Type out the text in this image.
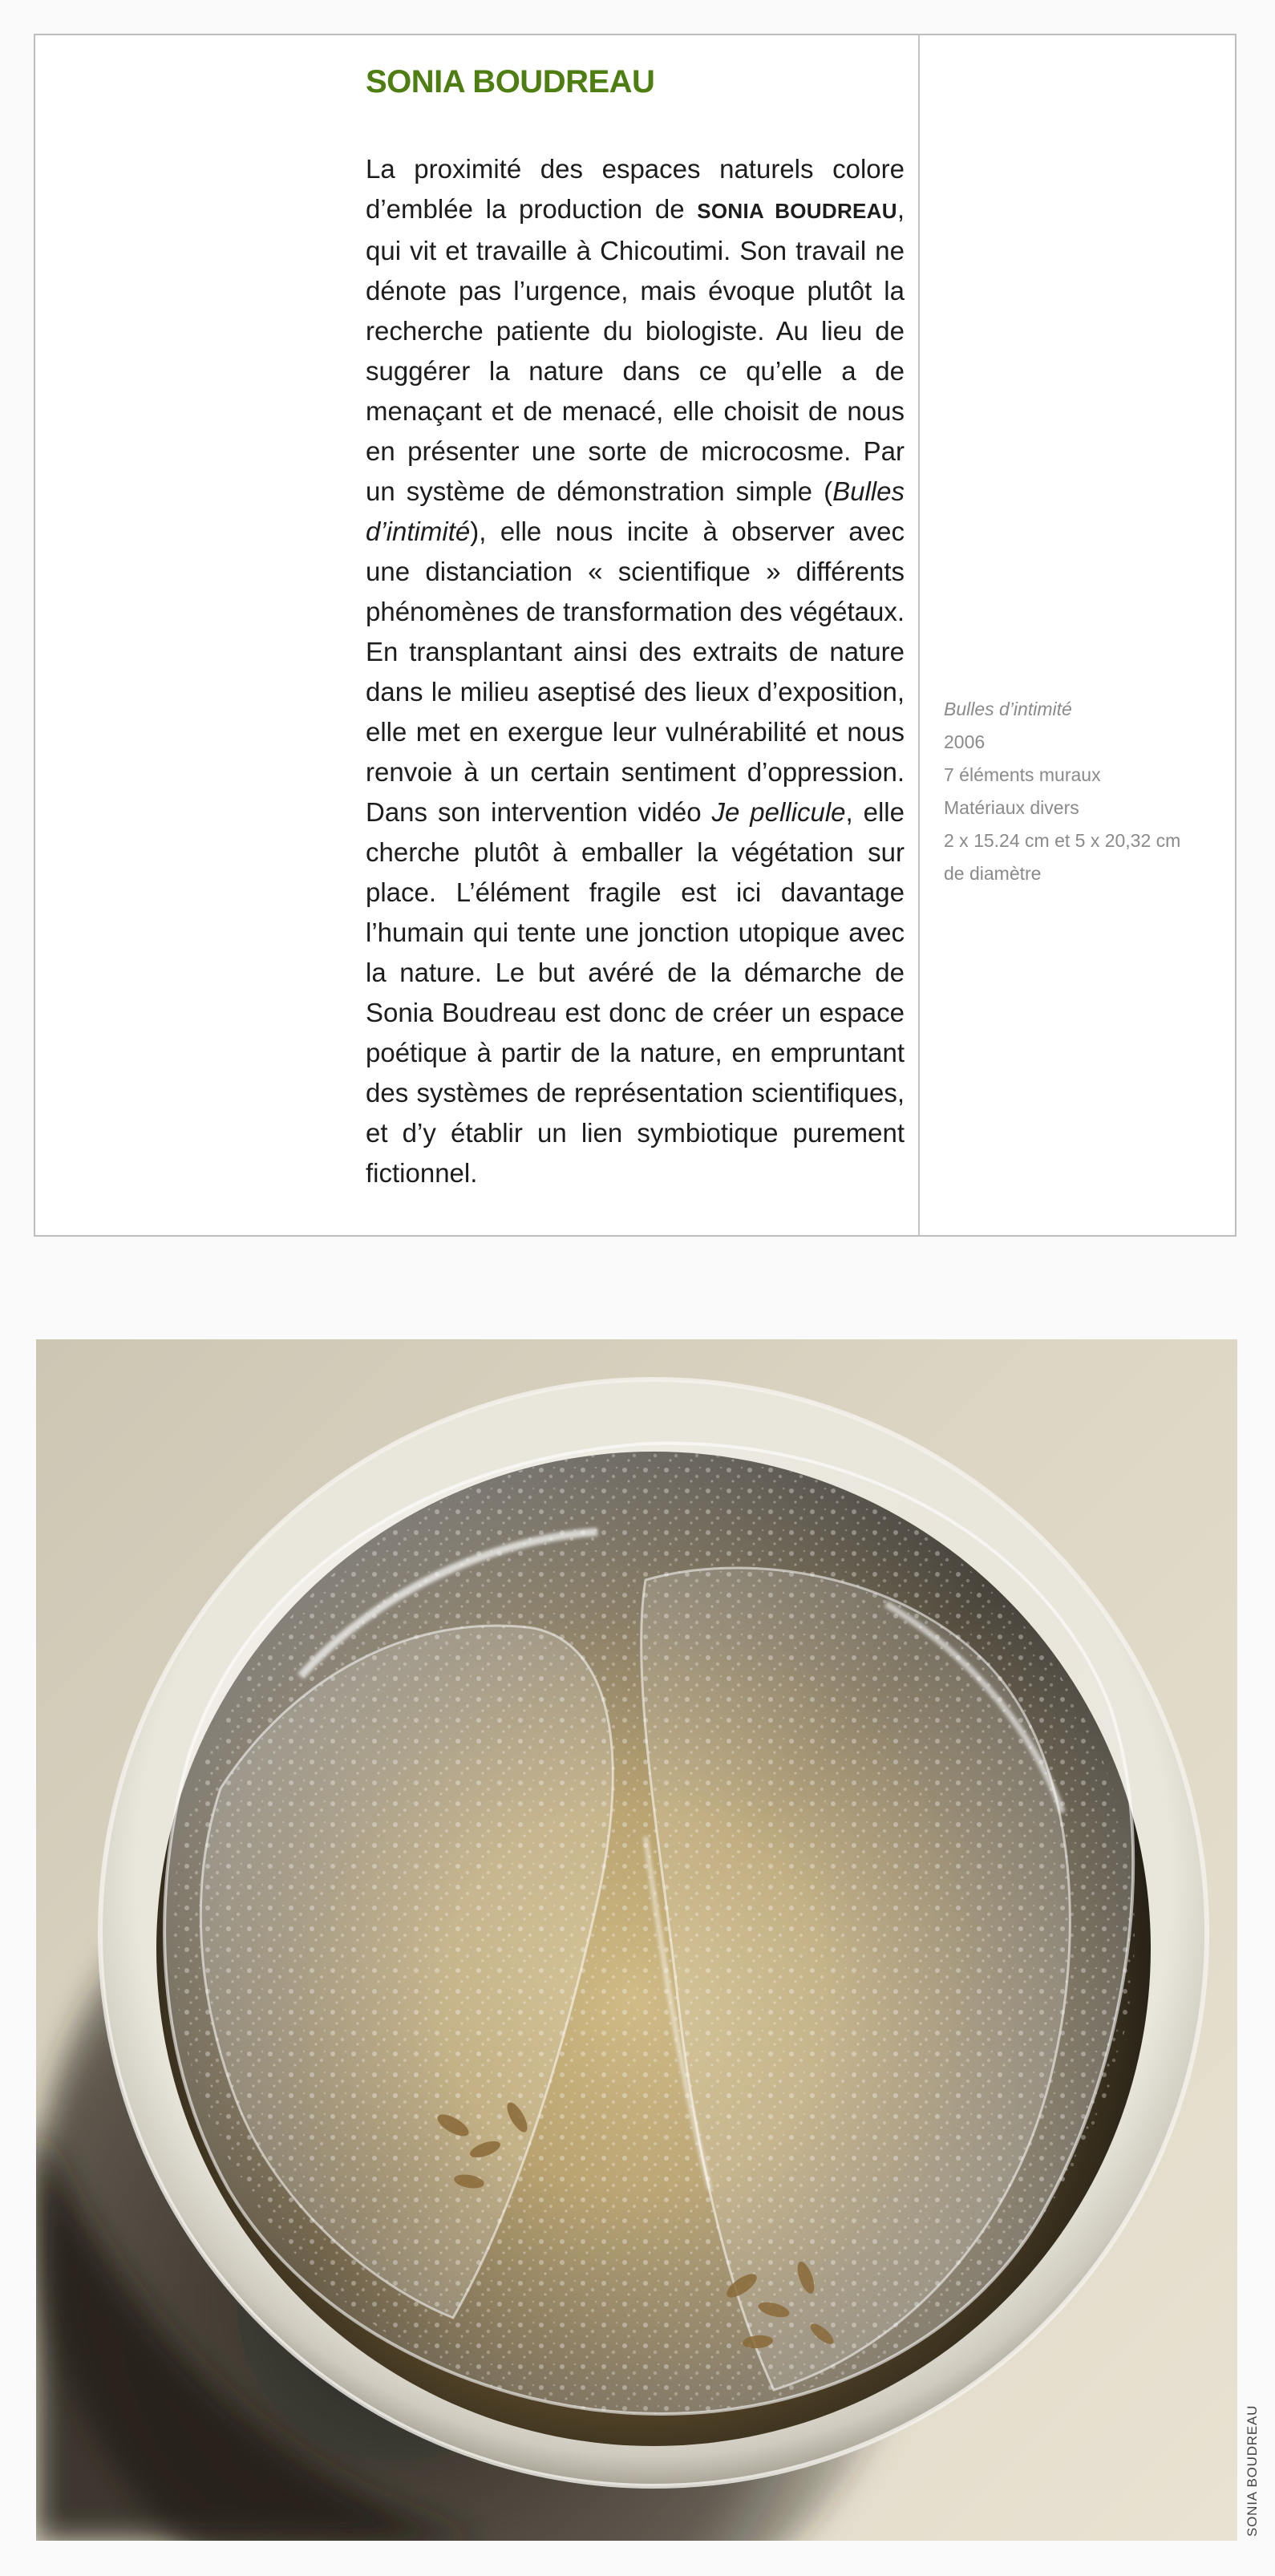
SONIA BOUDREAU

La proximité des espaces naturels colore d’emblée la production de SONIA BOUDREAU, qui vit et travaille à Chicoutimi. Son travail ne dénote pas l’urgence, mais évoque plutôt la recherche patiente du biologiste. Au lieu de suggérer la nature dans ce qu’elle a de menaçant et de menacé, elle choisit de nous en présenter une sorte de microcosme. Par un système de démonstration simple (Bulles d’intimité), elle nous incite à observer avec une distanciation « scientifique » différents phénomènes de transformation des végétaux. En transplantant ainsi des extraits de nature dans le milieu aseptisé des lieux d’exposition, elle met en exergue leur vulnérabilité et nous renvoie à un certain sentiment d’oppression. Dans son intervention vidéo Je pellicule, elle cherche plutôt à emballer la végétation sur place. L’élément fragile est ici davantage l’humain qui tente une jonction utopique avec la nature. Le but avéré de la démarche de Sonia Boudreau est donc de créer un espace poétique à partir de la nature, en empruntant des systèmes de représentation scientifiques, et d’y établir un lien symbiotique purement fictionnel.

Bulles d’intimité
2006
7 éléments muraux
Matériaux divers
2 x 15.24 cm et 5 x 20,32 cm
de diamètre
SONIA BOUDREAU
